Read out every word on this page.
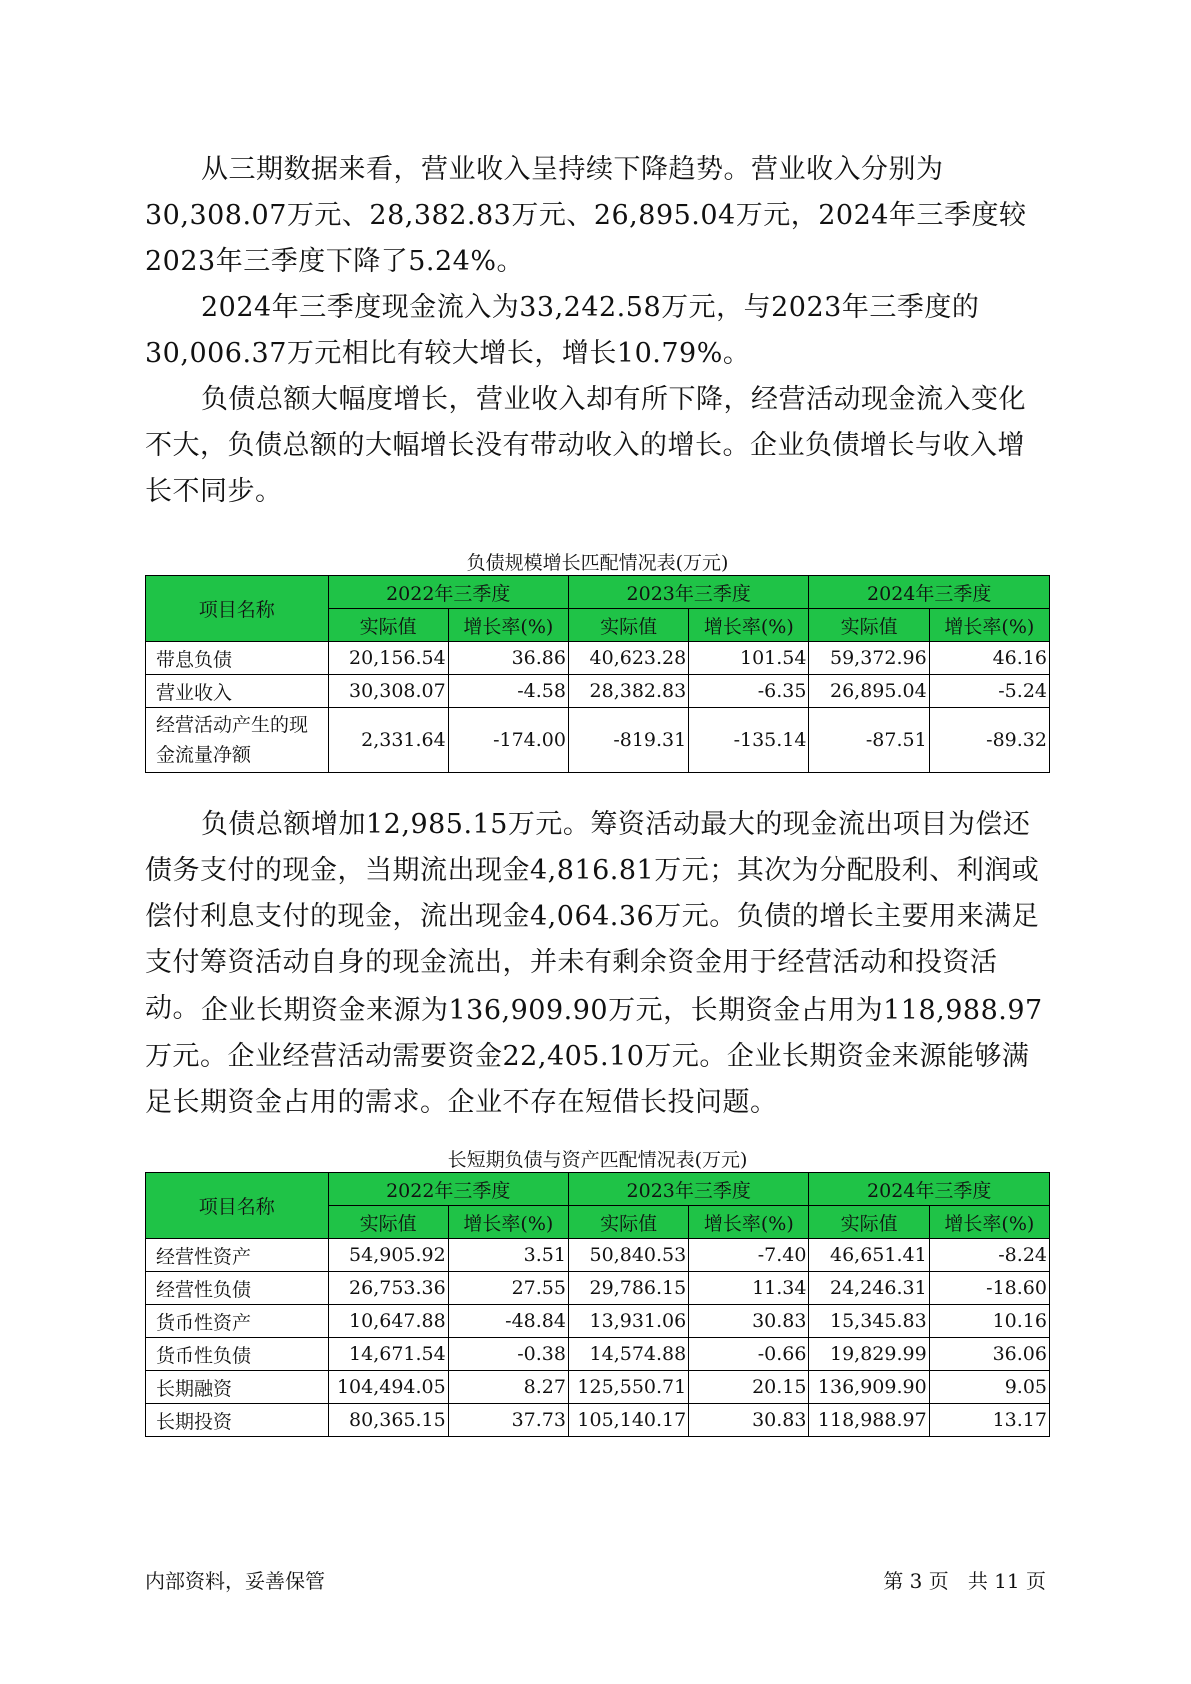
从三期数据来看，营业收入呈持续下降趋势。营业收入分别为30,308.07万元、28,382.83万元、26,895.04万元，2024年三季度较2023年三季度下降了5.24%。

2024年三季度现金流入为33,242.58万元，与2023年三季度的30,006.37万元相比有较大增长，增长10.79%。

负债总额大幅度增长，营业收入却有所下降，经营活动现金流入变化不大，负债总额的大幅增长没有带动收入的增长。企业负债增长与收入增长不同步。

负债规模增长匹配情况表(万元)

项目名称	2022年三季度		2023年三季度		2024年三季度	
	实际值	增长率(%)	实际值	增长率(%)	实际值	增长率(%)
带息负债	20,156.54	36.86	40,623.28	101.54	59,372.96	46.16
营业收入	30,308.07	-4.58	28,382.83	-6.35	26,895.04	-5.24
经营活动产生的现金流量净额	2,331.64	-174.00	-819.31	-135.14	-87.51	-89.32

负债总额增加12,985.15万元。筹资活动最大的现金流出项目为偿还债务支付的现金，当期流出现金4,816.81万元；其次为分配股利、利润或偿付利息支付的现金，流出现金4,064.36万元。负债的增长主要用来满足支付筹资活动自身的现金流出，并未有剩余资金用于经营活动和投资活动。 企业长期资金来源为136,909.90万元，长期资金占用为118,988.97万元。企业经营活动需要资金22,405.10万元。企业长期资金来源能够满足长期资金占用的需求。企业不存在短借长投问题。

长短期负债与资产匹配情况表(万元)

项目名称	2022年三季度		2023年三季度		2024年三季度	
	实际值	增长率(%)	实际值	增长率(%)	实际值	增长率(%)
经营性资产	54,905.92	3.51	50,840.53	-7.40	46,651.41	-8.24
经营性负债	26,753.36	27.55	29,786.15	11.34	24,246.31	-18.60
货币性资产	10,647.88	-48.84	13,931.06	30.83	15,345.83	10.16
货币性负债	14,671.54	-0.38	14,574.88	-0.66	19,829.99	36.06
长期融资	104,494.05	8.27	125,550.71	20.15	136,909.90	9.05
长期投资	80,365.15	37.73	105,140.17	30.83	118,988.97	13.17
内部资料，妥善保管	第 3 页   共 11 页
